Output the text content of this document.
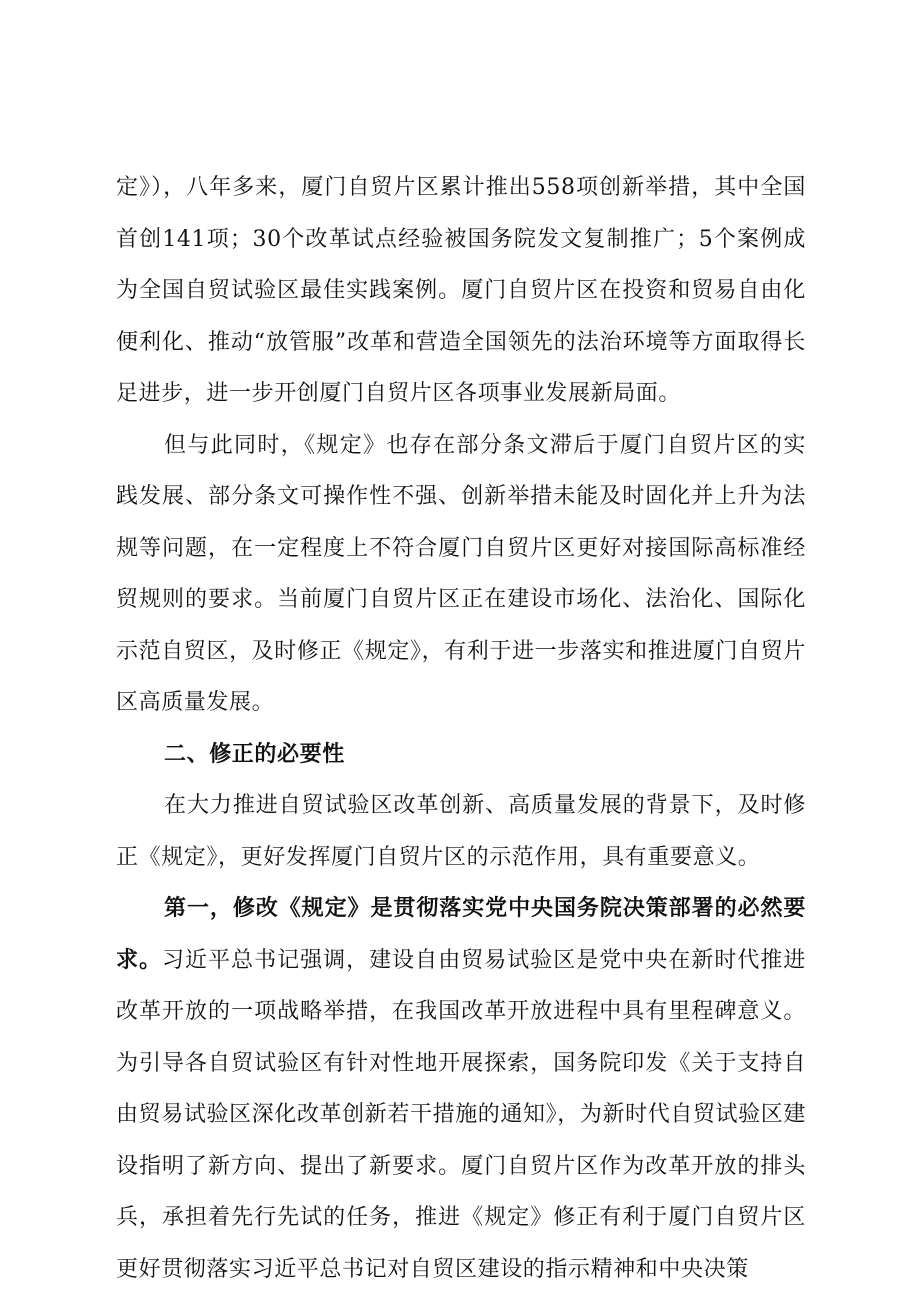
定》），八年多来，厦门自贸片区累计推出558项创新举措，其中全国首创141项；30个改革试点经验被国务院发文复制推广；5个案例成为全国自贸试验区最佳实践案例。厦门自贸片区在投资和贸易自由化便利化、推动“放管服”改革和营造全国领先的法治环境等方面取得长足进步，进一步开创厦门自贸片区各项事业发展新局面。

但与此同时，《规定》也存在部分条文滞后于厦门自贸片区的实践发展、部分条文可操作性不强、创新举措未能及时固化并上升为法规等问题，在一定程度上不符合厦门自贸片区更好对接国际高标准经贸规则的要求。当前厦门自贸片区正在建设市场化、法治化、国际化示范自贸区，及时修正《规定》，有利于进一步落实和推进厦门自贸片区高质量发展。

二、修正的必要性

在大力推进自贸试验区改革创新、高质量发展的背景下，及时修正《规定》，更好发挥厦门自贸片区的示范作用，具有重要意义。

第一，修改《规定》是贯彻落实党中央国务院决策部署的必然要求。习近平总书记强调，建设自由贸易试验区是党中央在新时代推进改革开放的一项战略举措，在我国改革开放进程中具有里程碑意义。为引导各自贸试验区有针对性地开展探索，国务院印发《关于支持自由贸易试验区深化改革创新若干措施的通知》，为新时代自贸试验区建设指明了新方向、提出了新要求。厦门自贸片区作为改革开放的排头兵，承担着先行先试的任务，推进《规定》修正有利于厦门自贸片区更好贯彻落实习近平总书记对自贸区建设的指示精神和中央决策
